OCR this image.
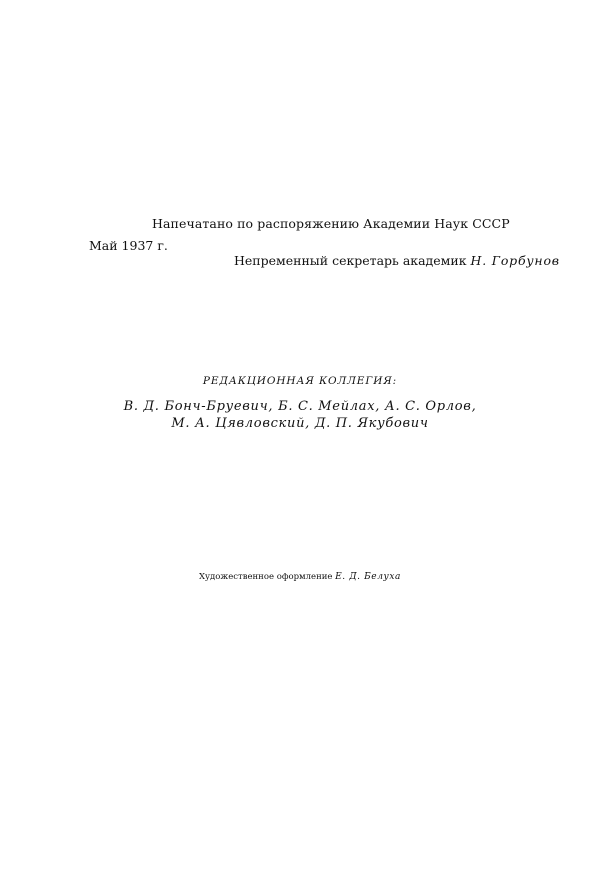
Напечатано по распоряжению Академии Наук СССР
Май 1937 г.
Непременный секретарь академик Н. Горбунов
РЕДАКЦИОННАЯ КОЛЛЕГИЯ:
В. Д. Бонч-Бруевич, Б. С. Мейлах, А. С. Орлов,
М. А. Цявловский, Д. П. Якубович
Художественное оформление Е. Д. Белуха
